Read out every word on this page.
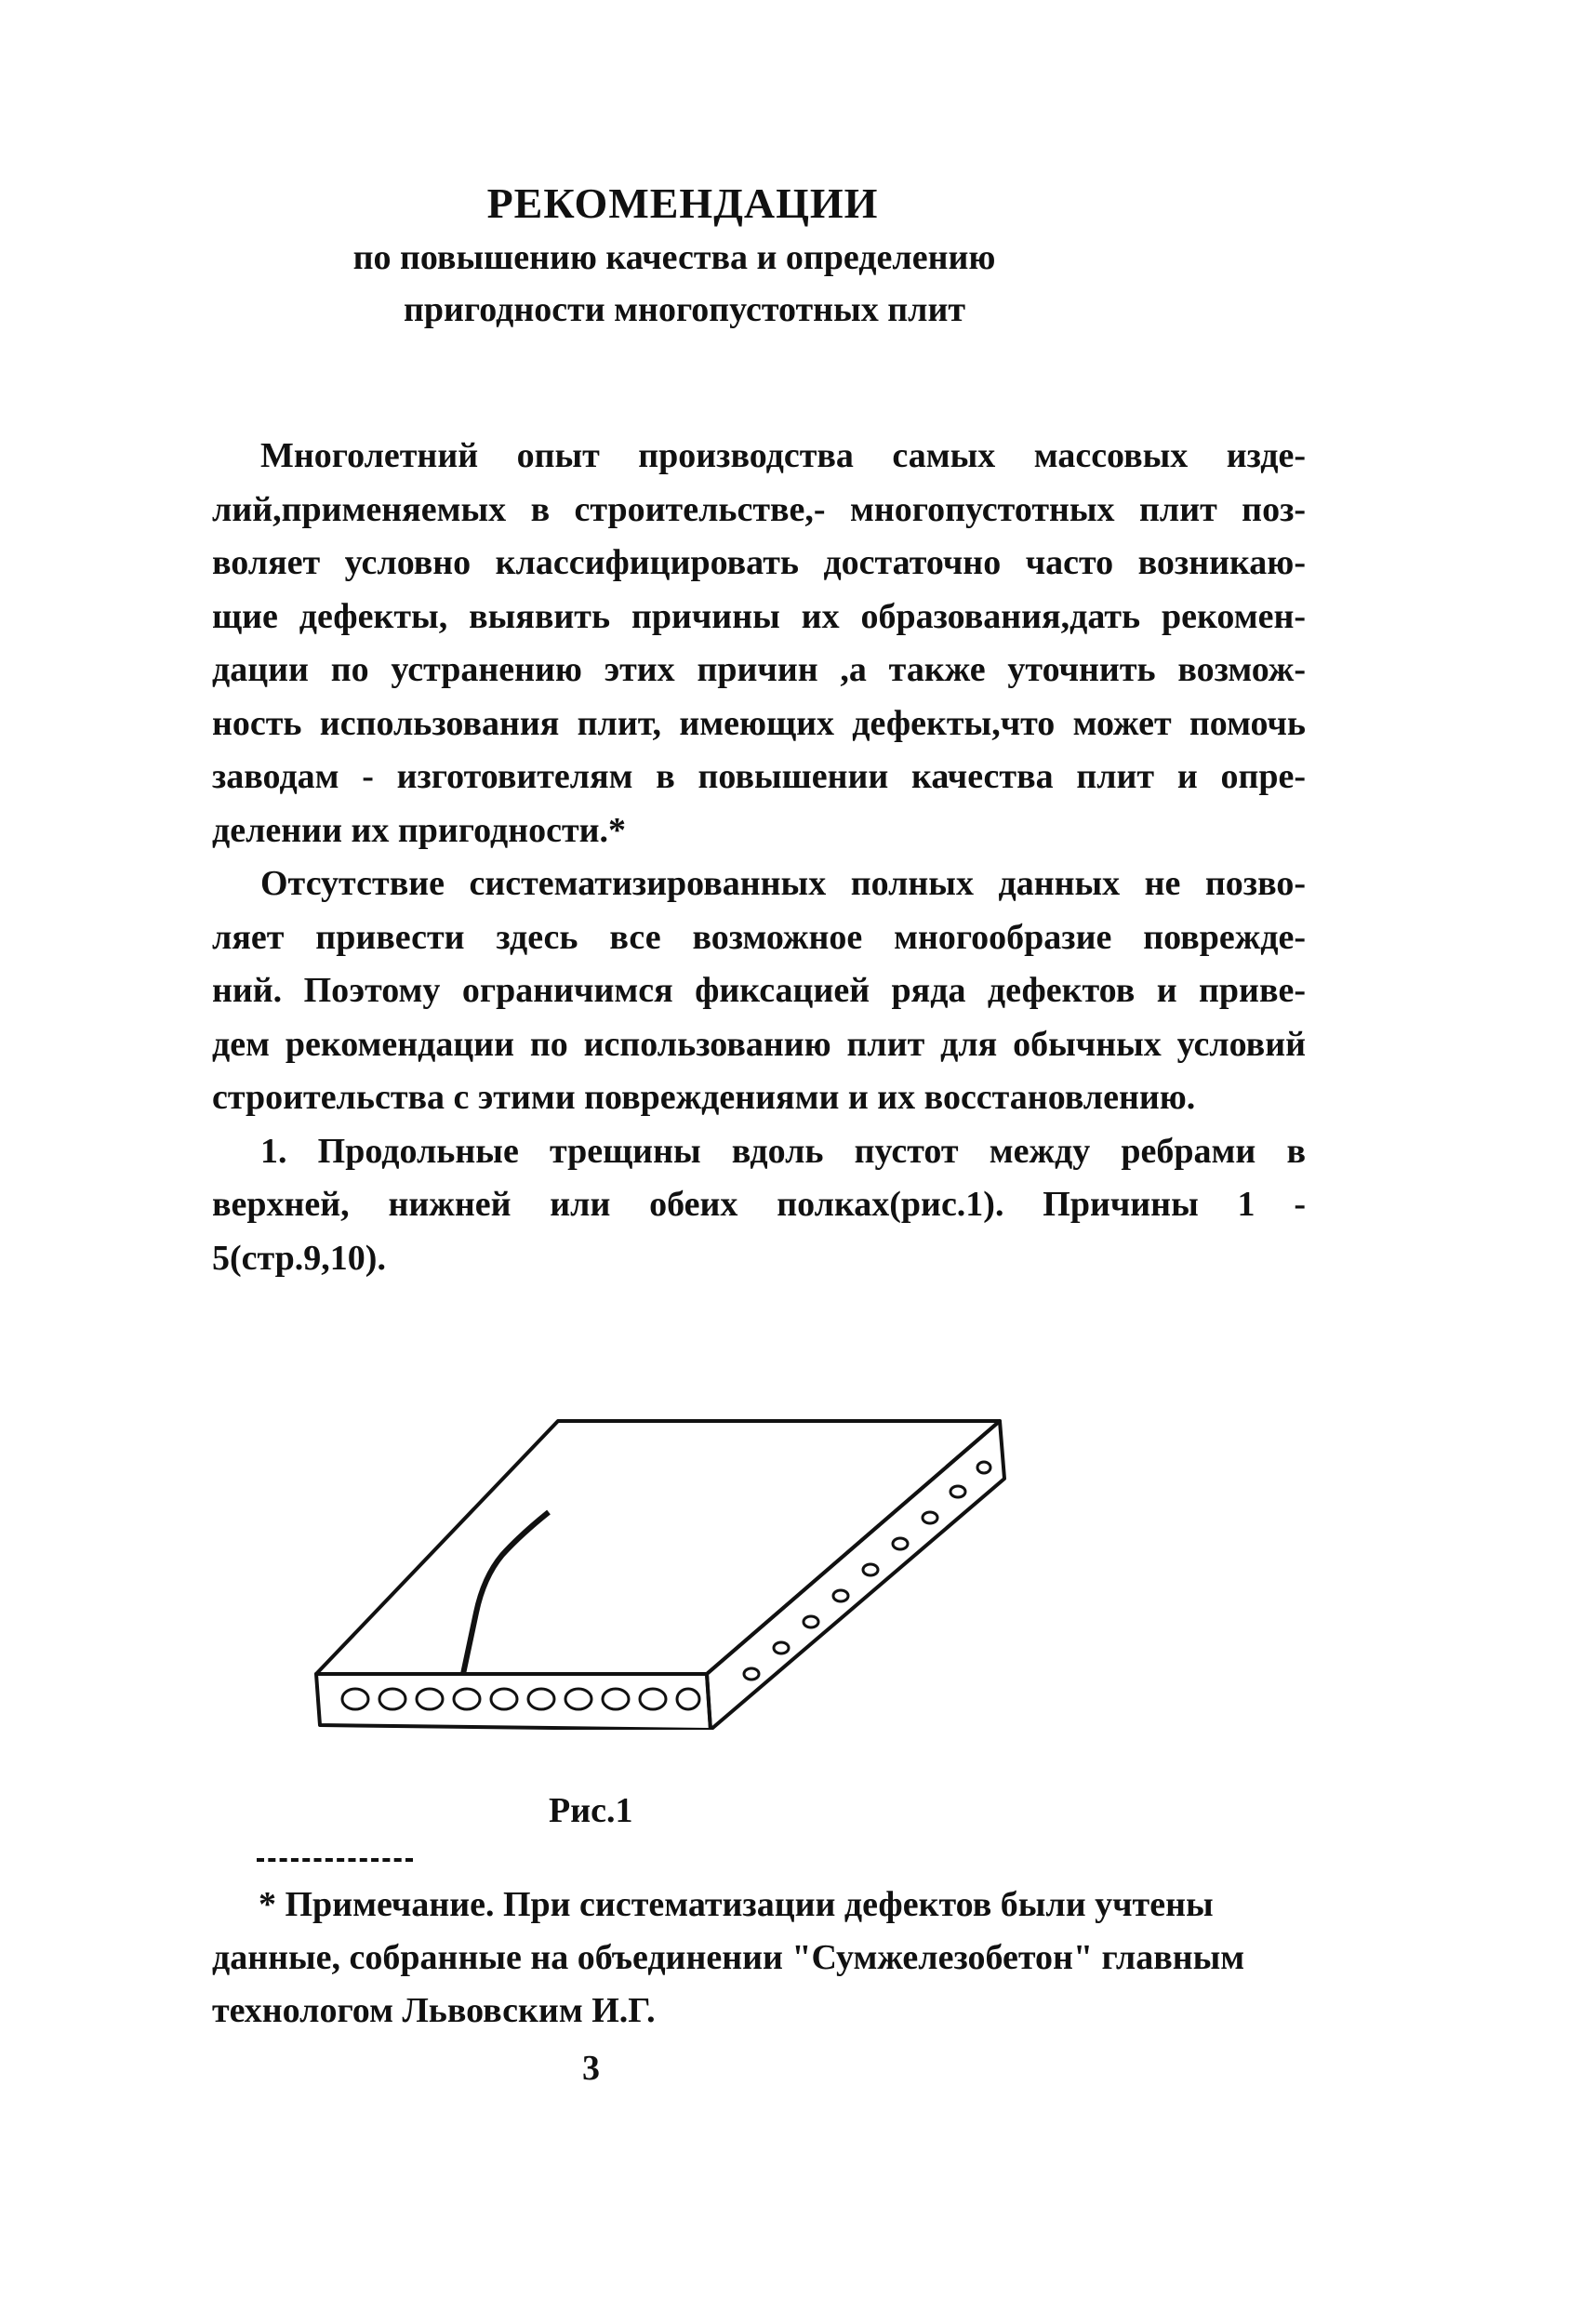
РЕКОМЕНДАЦИИ
по повышению качества и определению
пригодности многопустотных плит
Многолетний опыт производства самых массовых изде-
лий,применяемых в строительстве,- многопустотных плит поз-
воляет условно классифицировать достаточно часто возникаю-
щие дефекты, выявить причины их образования,дать рекомен-
дации по устранению этих причин ,а также уточнить возмож-
ность использования плит, имеющих дефекты,что может помочь
заводам - изготовителям в повышении качества плит и опре-
делении их пригодности.*
Отсутствие систематизированных полных данных не позво-
ляет привести здесь все возможное многообразие поврежде-
ний. Поэтому ограничимся фиксацией ряда дефектов и приве-
дем рекомендации по использованию плит для обычных условий
строительства с этими повреждениями и их восстановлению.
1. Продольные трещины вдоль пустот между ребрами в
верхней, нижней или обеих полках(рис.1). Причины 1 -
5(стр.9,10).
Рис.1
* Примечание. При систематизации дефектов были учтены
данные, собранные на объединении "Сумжелезобетон" главным
технологом Львовским И.Г.
3
